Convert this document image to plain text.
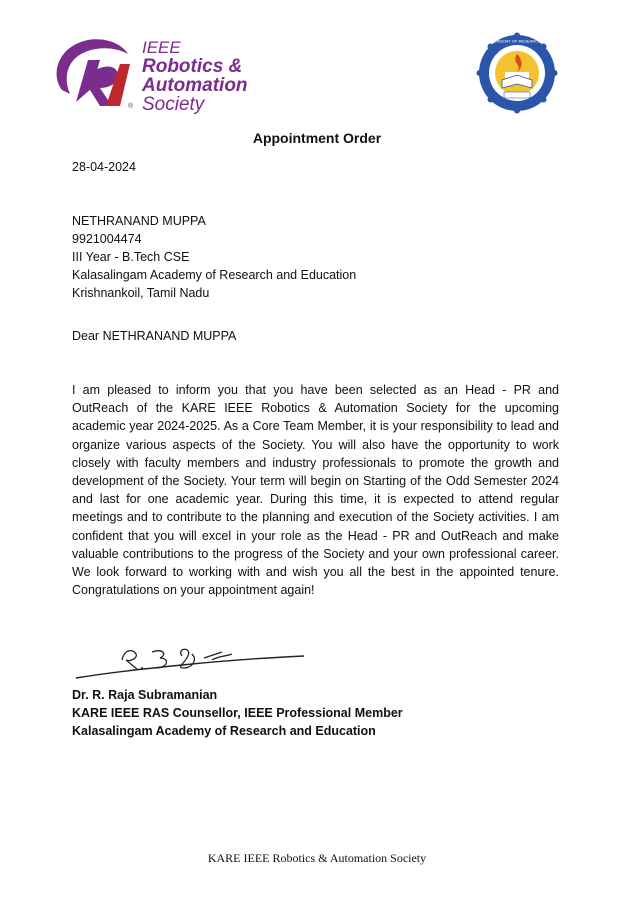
®
IEEE
Robotics &
Automation
Society
KALASALINGAM ACADEMY OF RESEARCH AND EDUCATION
Appointment Order
28-04-2024
NETHRANAND MUPPA
9921004474
III Year - B.Tech CSE
Kalasalingam Academy of Research and Education
Krishnankoil, Tamil Nadu
Dear NETHRANAND MUPPA
I am pleased to inform you that you have been selected as an Head - PR and OutReach of the KARE IEEE Robotics & Automation Society for the upcoming academic year 2024-2025. As a Core Team Member, it is your responsibility to lead and organize various aspects of the Society. You will also have the opportunity to work closely with faculty members and industry professionals to promote the growth and development of the Society. Your term will begin on Starting of the Odd Semester 2024 and last for one academic year. During this time, it is expected to attend regular meetings and to contribute to the planning and execution of the Society activities. I am confident that you will excel in your role as the Head - PR and OutReach and make valuable contributions to the progress of the Society and your own professional career. We look forward to working with and wish you all the best in the appointed tenure. Congratulations on your appointment again!
Dr. R. Raja Subramanian
KARE IEEE RAS Counsellor, IEEE Professional Member
Kalasalingam Academy of Research and Education
KARE IEEE Robotics & Automation Society
